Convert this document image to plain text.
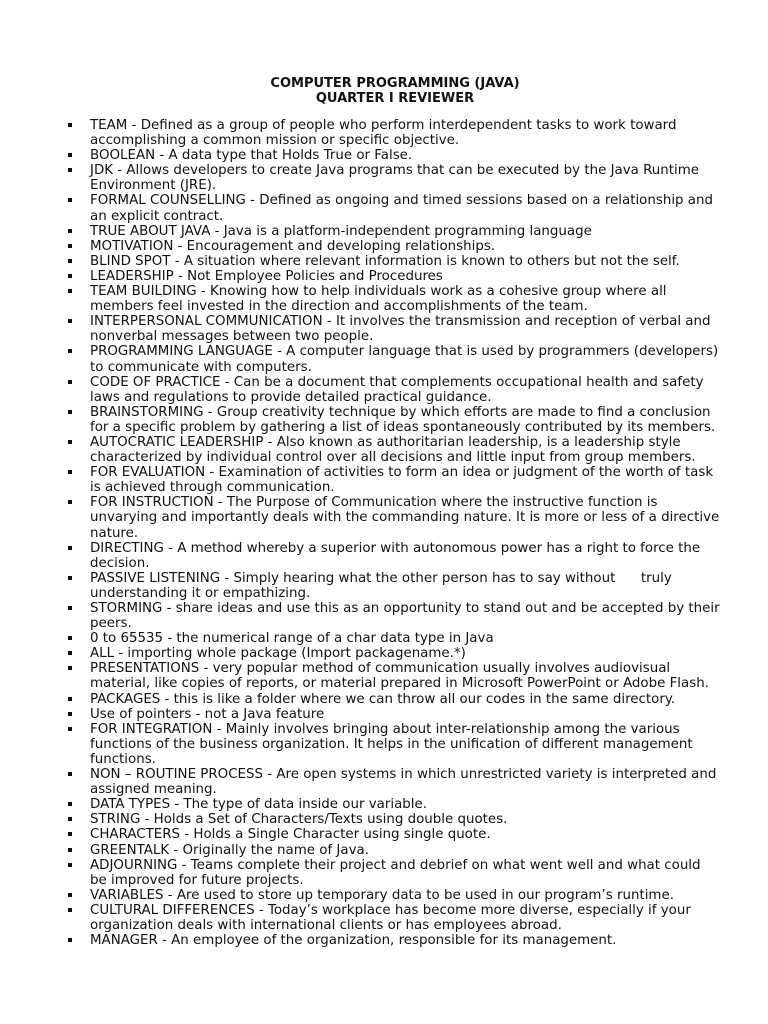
COMPUTER PROGRAMMING (JAVA)
QUARTER I REVIEWER
TEAM - Defined as a group of people who perform interdependent tasks to work toward accomplishing a common mission or specific objective.
BOOLEAN - A data type that Holds True or False.
JDK - Allows developers to create Java programs that can be executed by the Java Runtime Environment (JRE).
FORMAL COUNSELLING - Defined as ongoing and timed sessions based on a relationship and an explicit contract.
TRUE ABOUT JAVA - Java is a platform-independent programming language
MOTIVATION - Encouragement and developing relationships.
BLIND SPOT - A situation where relevant information is known to others but not the self.
LEADERSHIP - Not Employee Policies and Procedures
TEAM BUILDING - Knowing how to help individuals work as a cohesive group where all members feel invested in the direction and accomplishments of the team.
INTERPERSONAL COMMUNICATION - It involves the transmission and reception of verbal and nonverbal messages between two people.
PROGRAMMING LANGUAGE - A computer language that is used by programmers (developers) to communicate with computers.
CODE OF PRACTICE - Can be a document that complements occupational health and safety laws and regulations to provide detailed practical guidance.
BRAINSTORMING - Group creativity technique by which efforts are made to find a conclusion for a specific problem by gathering a list of ideas spontaneously contributed by its members.
AUTOCRATIC LEADERSHIP - Also known as authoritarian leadership, is a leadership style characterized by individual control over all decisions and little input from group members.
FOR EVALUATION - Examination of activities to form an idea or judgment of the worth of task is achieved through communication.
FOR INSTRUCTION - The Purpose of Communication where the instructive function is unvarying and importantly deals with the commanding nature. It is more or less of a directive nature.
DIRECTING - A method whereby a superior with autonomous power has a right to force the decision.
PASSIVE LISTENING - Simply hearing what the other person has to say without      truly understanding it or empathizing.
STORMING - share ideas and use this as an opportunity to stand out and be accepted by their peers.
0 to 65535 - the numerical range of a char data type in Java
ALL - importing whole package (Import packagename.*)
PRESENTATIONS - very popular method of communication usually involves audiovisual material, like copies of reports, or material prepared in Microsoft PowerPoint or Adobe Flash.
PACKAGES - this is like a folder where we can throw all our codes in the same directory.
Use of pointers - not a Java feature
FOR INTEGRATION - Mainly involves bringing about inter-relationship among the various functions of the business organization. It helps in the unification of different management functions.
NON – ROUTINE PROCESS - Are open systems in which unrestricted variety is interpreted and assigned meaning.
DATA TYPES - The type of data inside our variable.
STRING - Holds a Set of Characters/Texts using double quotes.
CHARACTERS - Holds a Single Character using single quote.
GREENTALK - Originally the name of Java.
ADJOURNING - Teams complete their project and debrief on what went well and what could be improved for future projects.
VARIABLES - Are used to store up temporary data to be used in our program’s runtime.
CULTURAL DIFFERENCES - Today’s workplace has become more diverse, especially if your organization deals with international clients or has employees abroad.
MANAGER - An employee of the organization, responsible for its management.
